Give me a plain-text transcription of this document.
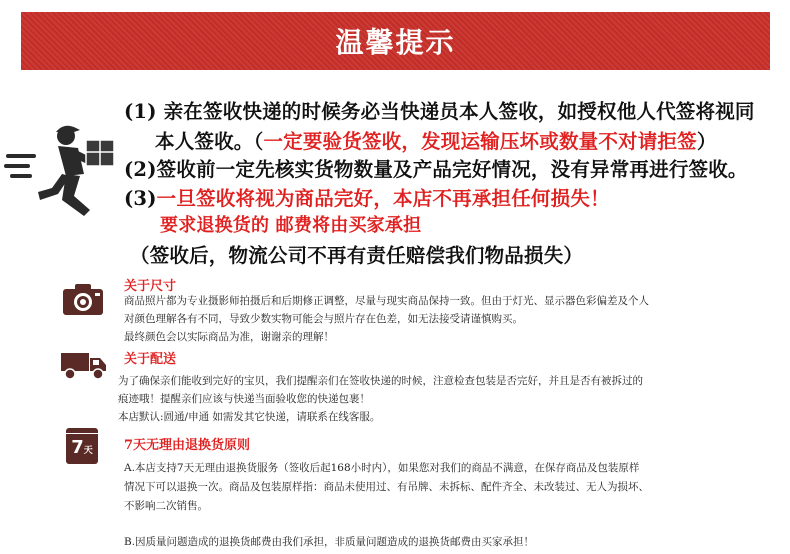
温馨提示
(1) 亲在签收快递的时候务必当快递员本人签收，如授权他人代签将视同
本人签收。（一定要验货签收，发现运输压坏或数量不对请拒签）
(2)签收前一定先核实货物数量及产品完好情况，没有异常再进行签收。
(3)一旦签收将视为商品完好，本店不再承担任何损失！
要求退换货的 邮费将由买家承担
（签收后，物流公司不再有责任赔偿我们物品损失）
关于尺寸
商品照片都为专业摄影师拍摄后和后期修正调整，尽量与现实商品保持一致。但由于灯光、显示器色彩偏差及个人
对颜色理解各有不同，导致少数实物可能会与照片存在色差，如无法接受请谨慎购买。
最终颜色会以实际商品为准，谢谢亲的理解！
关于配送
为了确保亲们能收到完好的宝贝，我们提醒亲们在签收快递的时候，注意检查包装是否完好，并且是否有被拆过的
痕迹哦！提醒亲们应该与快递当面验收您的快递包裹！
本店默认:圆通/申通 如需发其它快递，请联系在线客服。
7天	7天无理由退换货原则
A.本店支持7天无理由退换货服务（签收后起168小时内），如果您对我们的商品不满意，在保存商品及包装原样
情况下可以退换一次。商品及包装原样指：商品未使用过、有吊牌、未拆标、配件齐全、未改装过、无人为损坏、
不影响二次销售。
B.因质量问题造成的退换货邮费由我们承担，非质量问题造成的退换货邮费由买家承担！
